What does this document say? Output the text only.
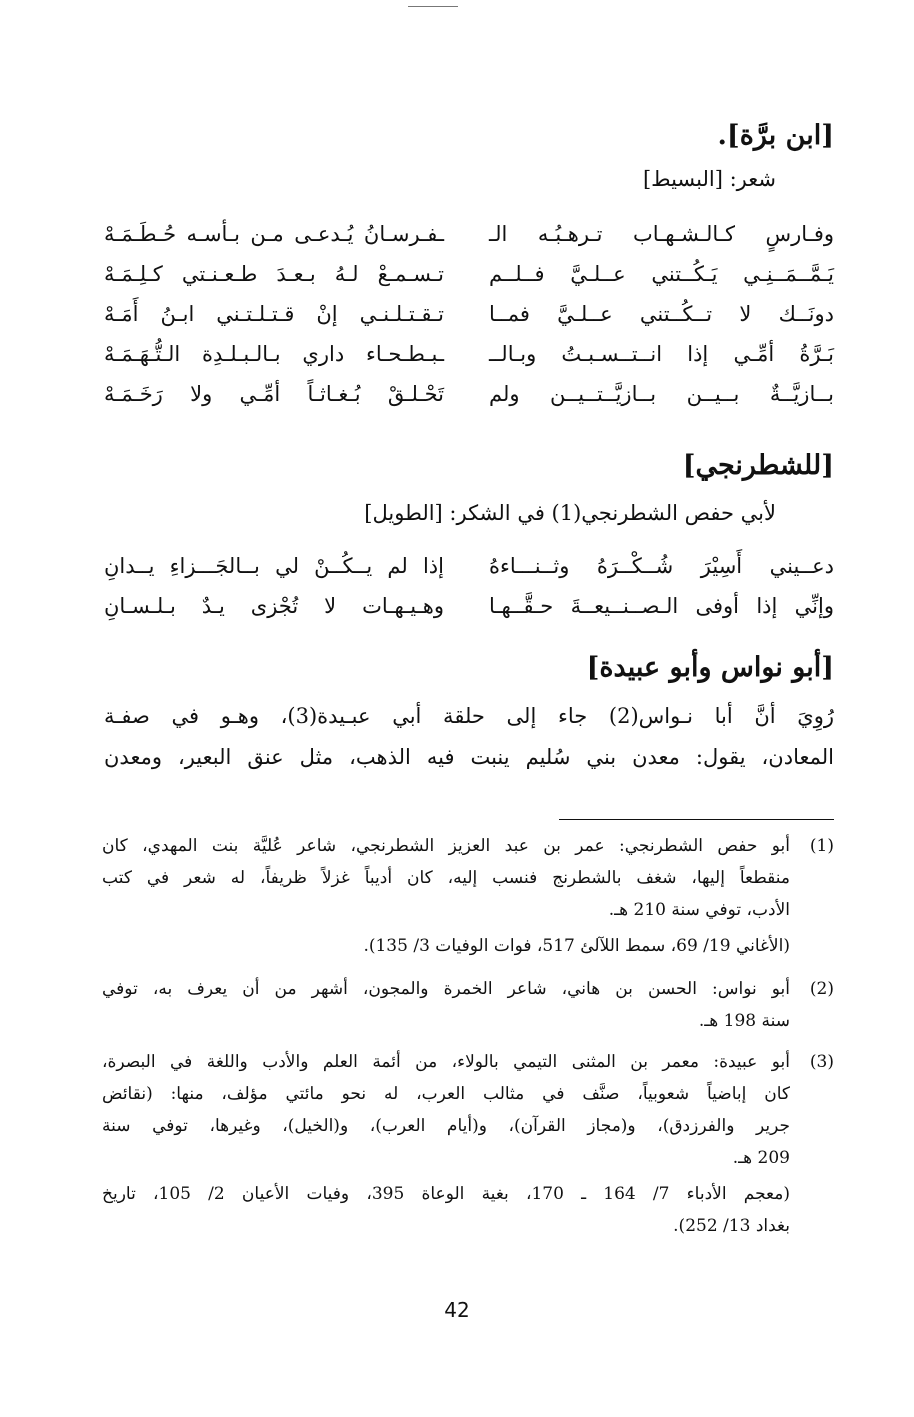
[ابن برَّة].
شعر: [البسيط]
وفـارسٍ كـالـشـهـاب تـرهـبُـه الـ
ـفـرسـانُ يُـدعـى مـن بـأسـه حُـطَـمَـهْ
يَـمَّــمَــنِـي يَـكُــتني عــلـيَّ فــلــم
تـسـمـعْ لـهُ بـعـدَ طـعـنـتي كـلِـمَـهْ
دونَــك لا تــكُــتني عــلـيَّ فمــا
تـقـتـلـنـي إنْ قـتـلـتـني ابـنُ أَمَـهْ
بَـرَّةُ أمِّـي إذا انــتــسـبـتُ وبـالــ
ـبـطـحـاء داري بـالـبـلـدِة الـتُّـهَـمَـهْ
بــازيَّــةٌ بــيــن بــازيَّــتــيــن ولم
تَحْـلـقْ بُـغـاثـاً أمِّـي ولا رَخَـمَـهْ
[للشطرنجي]
لأبي حفص الشطرنجي(1) في الشكر: [الطويل]
دعــيني أَسِيْرَ شُــكْــرَهُ وثــنـــاءهُ
إذا لم يــكُــنْ لي بــالجَـــزاءِ يــدانِ
وإنِّي إذا أوفى الـصــنــيعــةَ حـقَّــهـا
وهـيـهـات لا تُجْزى يـدٌ بـلـسـانِ
[أبو نواس وأبو عبيدة]
رُوِيَ أنَّ أبا نـواس(2) جاء إلى حلقة أبي عبـيدة(3)، وهـو في صفـة
المعادن، يقول: معدن بني سُليم ينبت فيه الذهب، مثل عنق البعير، ومعدن
(1)
أبو حفص الشطرنجي: عمر بن عبد العزيز الشطرنجي، شاعر عُليَّة بنت المهدي، كان
منقطعاً إليها، شغف بالشطرنج فنسب إليه، كان أديباً غزلاً ظريفاً، له شعر في كتب
الأدب، توفي سنة 210 هـ.
(الأغاني 19/ 69، سمط اللآلئ 517، فوات الوفيات 3/ 135).
(2)
أبو نواس: الحسن بن هاني، شاعر الخمرة والمجون، أشهر من أن يعرف به، توفي
سنة 198 هـ.
(3)
أبو عبيدة: معمر بن المثنى التيمي بالولاء، من أئمة العلم والأدب واللغة في البصرة،
كان إباضياً شعوبياً، صنَّف في مثالب العرب، له نحو مائتي مؤلف، منها: (نقائض
جرير والفرزدق)، و(مجاز القرآن)، و(أيام العرب)، و(الخيل)، وغيرها، توفي سنة
209 هـ.
(معجم الأدباء 7/ 164 ـ 170، بغية الوعاة 395، وفيات الأعيان 2/ 105، تاريخ
بغداد 13/ 252).
42
